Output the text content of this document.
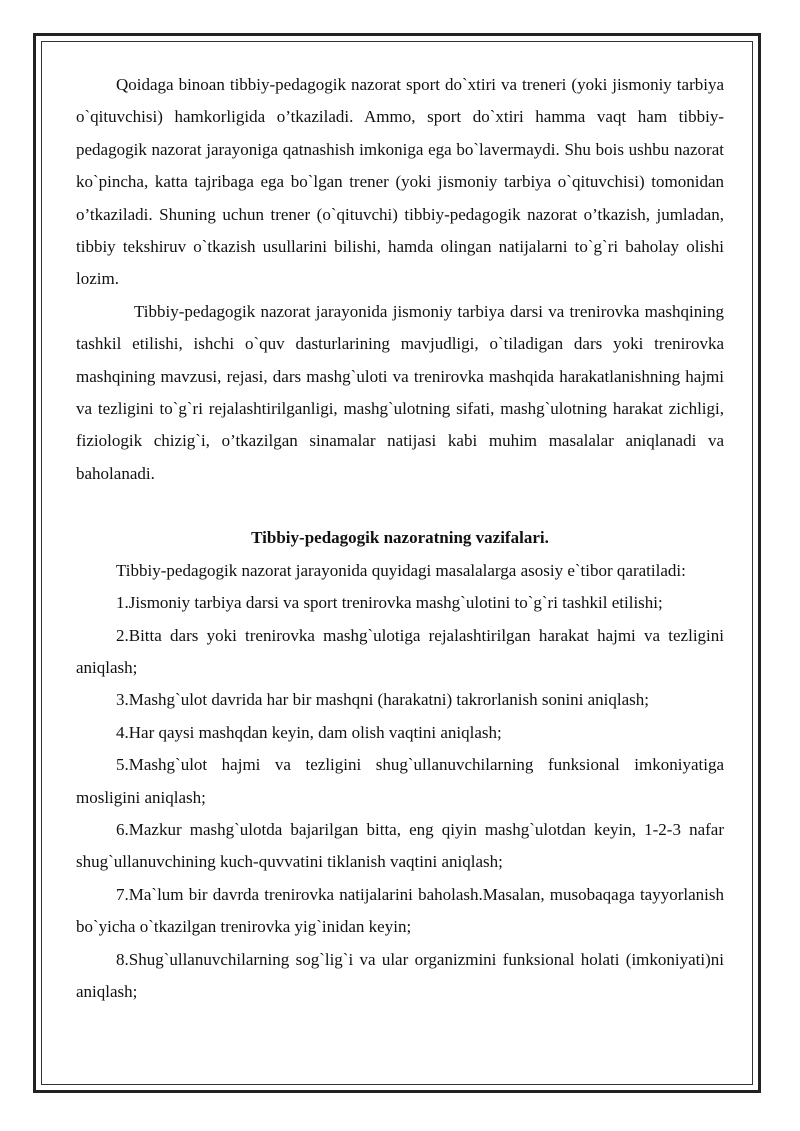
Qoidaga binoan tibbiy-pedagogik nazorat sport do`xtiri va treneri (yoki jismoniy tarbiya o`qituvchisi) hamkorligida o’tkaziladi. Ammo, sport do`xtiri hamma vaqt ham tibbiy-pedagogik nazorat jarayoniga qatnashish imkoniga ega bo`lavermaydi. Shu bois ushbu nazorat ko`pincha, katta tajribaga ega bo`lgan trener (yoki jismoniy tarbiya o`qituvchisi) tomonidan o’tkaziladi. Shuning uchun trener (o`qituvchi) tibbiy-pedagogik nazorat o’tkazish, jumladan, tibbiy tekshiruv o`tkazish usullarini bilishi, hamda olingan natijalarni to`g`ri baholay olishi lozim.

Tibbiy-pedagogik nazorat jarayonida jismoniy tarbiya darsi va trenirovka mashqining tashkil etilishi, ishchi o`quv dasturlarining mavjudligi, o`tiladigan dars yoki trenirovka mashqining mavzusi, rejasi, dars mashg`uloti va trenirovka mashqida harakatlanishning hajmi va tezligini to`g`ri rejalashtirilganligi, mashg`ulotning sifati, mashg`ulotning harakat zichligi, fiziologik chizig`i, o’tkazilgan sinamalar natijasi kabi muhim masalalar aniqlanadi va baholanadi.

Tibbiy-pedagogik nazoratning vazifalari.

Tibbiy-pedagogik nazorat jarayonida quyidagi masalalarga asosiy e`tibor qaratiladi:

1.Jismoniy tarbiya darsi va sport trenirovka mashg`ulotini to`g`ri tashkil etilishi;

2.Bitta dars yoki trenirovka mashg`ulotiga rejalashtirilgan harakat hajmi va tezligini aniqlash;

3.Mashg`ulot davrida har bir mashqni (harakatni) takrorlanish sonini aniqlash;

4.Har qaysi mashqdan keyin, dam olish vaqtini aniqlash;

5.Mashg`ulot hajmi va tezligini shug`ullanuvchilarning funksional imkoniyatiga mosligini aniqlash;

6.Mazkur mashg`ulotda bajarilgan bitta, eng qiyin mashg`ulotdan keyin, 1-2-3 nafar shug`ullanuvchining kuch-quvvatini tiklanish vaqtini aniqlash;

7.Ma`lum bir davrda trenirovka natijalarini baholash.Masalan, musobaqaga tayyorlanish bo`yicha o`tkazilgan trenirovka yig`inidan keyin;

8.Shug`ullanuvchilarning sog`lig`i va ular organizmini funksional holati (imkoniyati)ni aniqlash;
